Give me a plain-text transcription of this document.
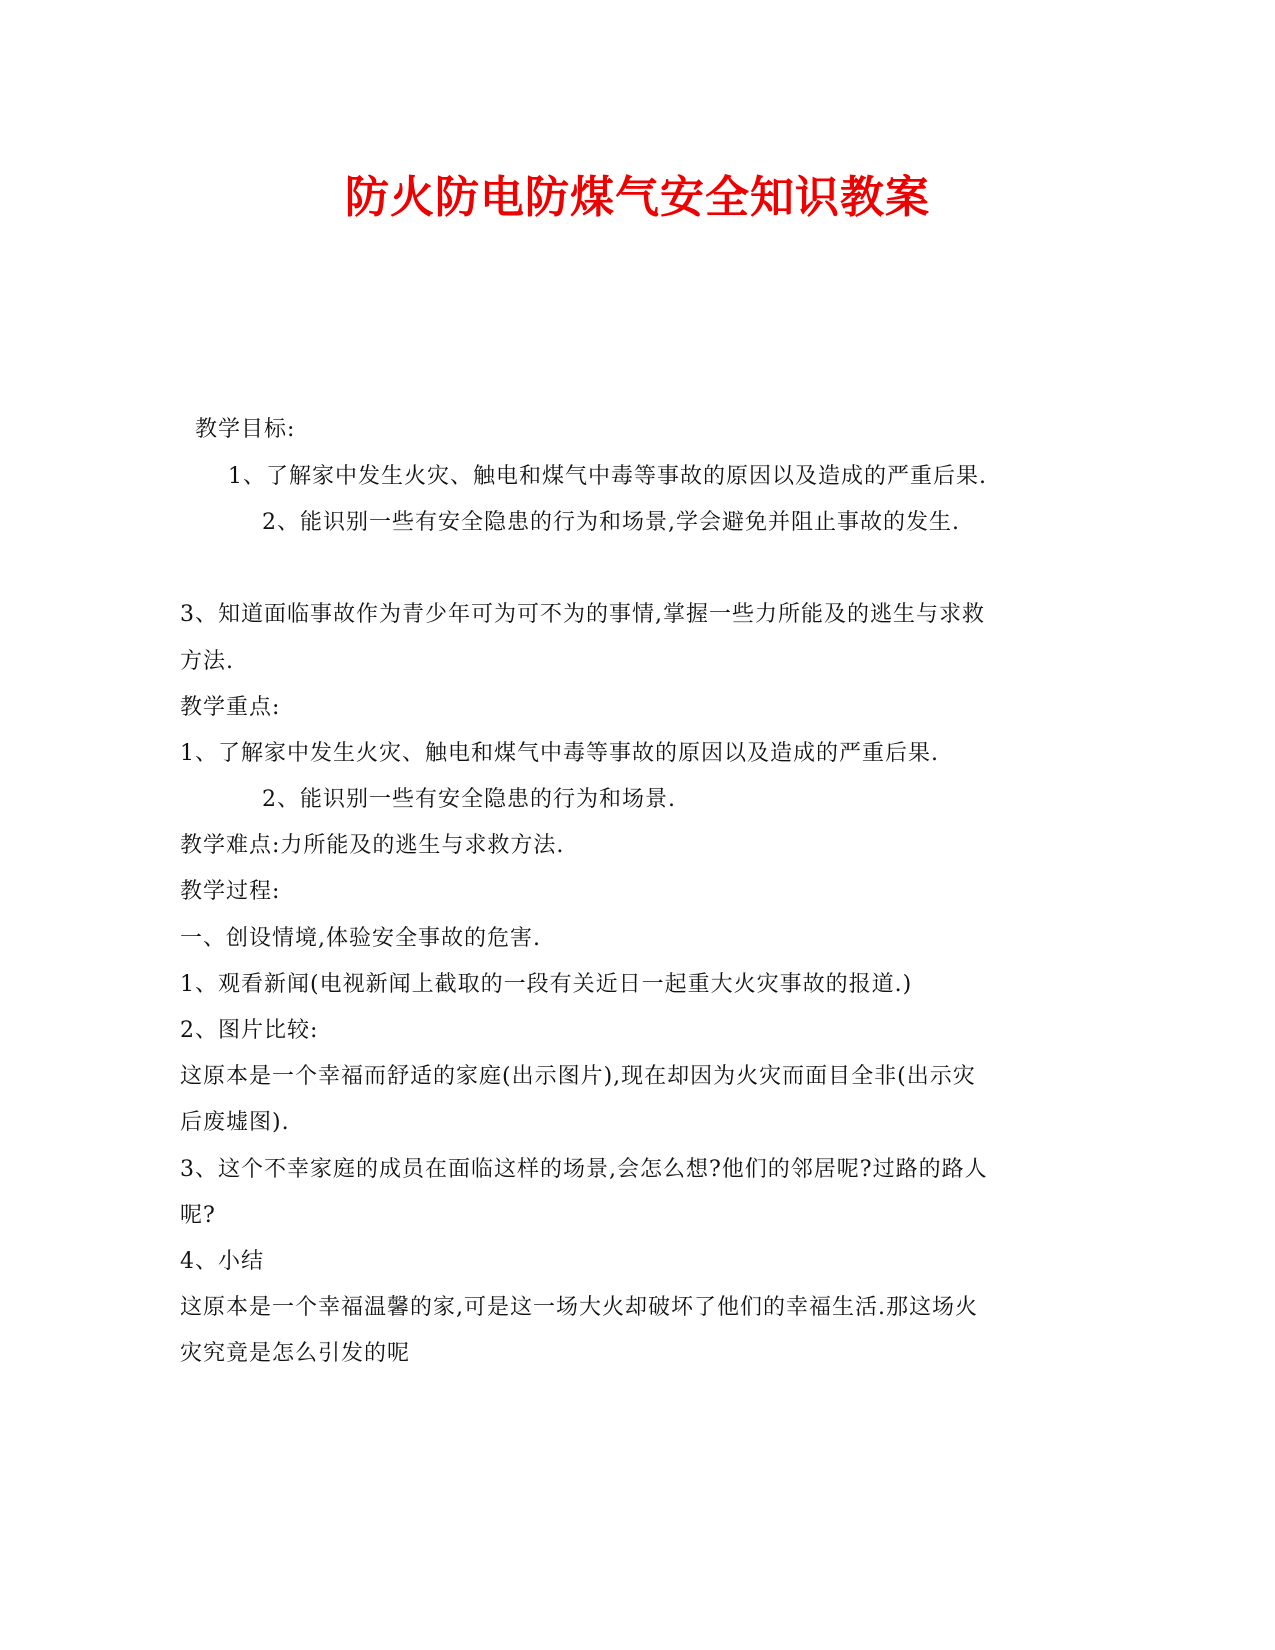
防火防电防煤气安全知识教案
教学目标:
1、了解家中发生火灾、触电和煤气中毒等事故的原因以及造成的严重后果.
2、能识别一些有安全隐患的行为和场景,学会避免并阻止事故的发生.
3、知道面临事故作为青少年可为可不为的事情,掌握一些力所能及的逃生与求救
方法.
教学重点:
1、了解家中发生火灾、触电和煤气中毒等事故的原因以及造成的严重后果.
2、能识别一些有安全隐患的行为和场景.
教学难点:力所能及的逃生与求救方法.
教学过程:
一、创设情境,体验安全事故的危害.
1、观看新闻(电视新闻上截取的一段有关近日一起重大火灾事故的报道.)
2、图片比较:
这原本是一个幸福而舒适的家庭(出示图片),现在却因为火灾而面目全非(出示灾
后废墟图).
3、这个不幸家庭的成员在面临这样的场景,会怎么想?他们的邻居呢?过路的路人
呢?
4、小结
这原本是一个幸福温馨的家,可是这一场大火却破坏了他们的幸福生活.那这场火
灾究竟是怎么引发的呢
